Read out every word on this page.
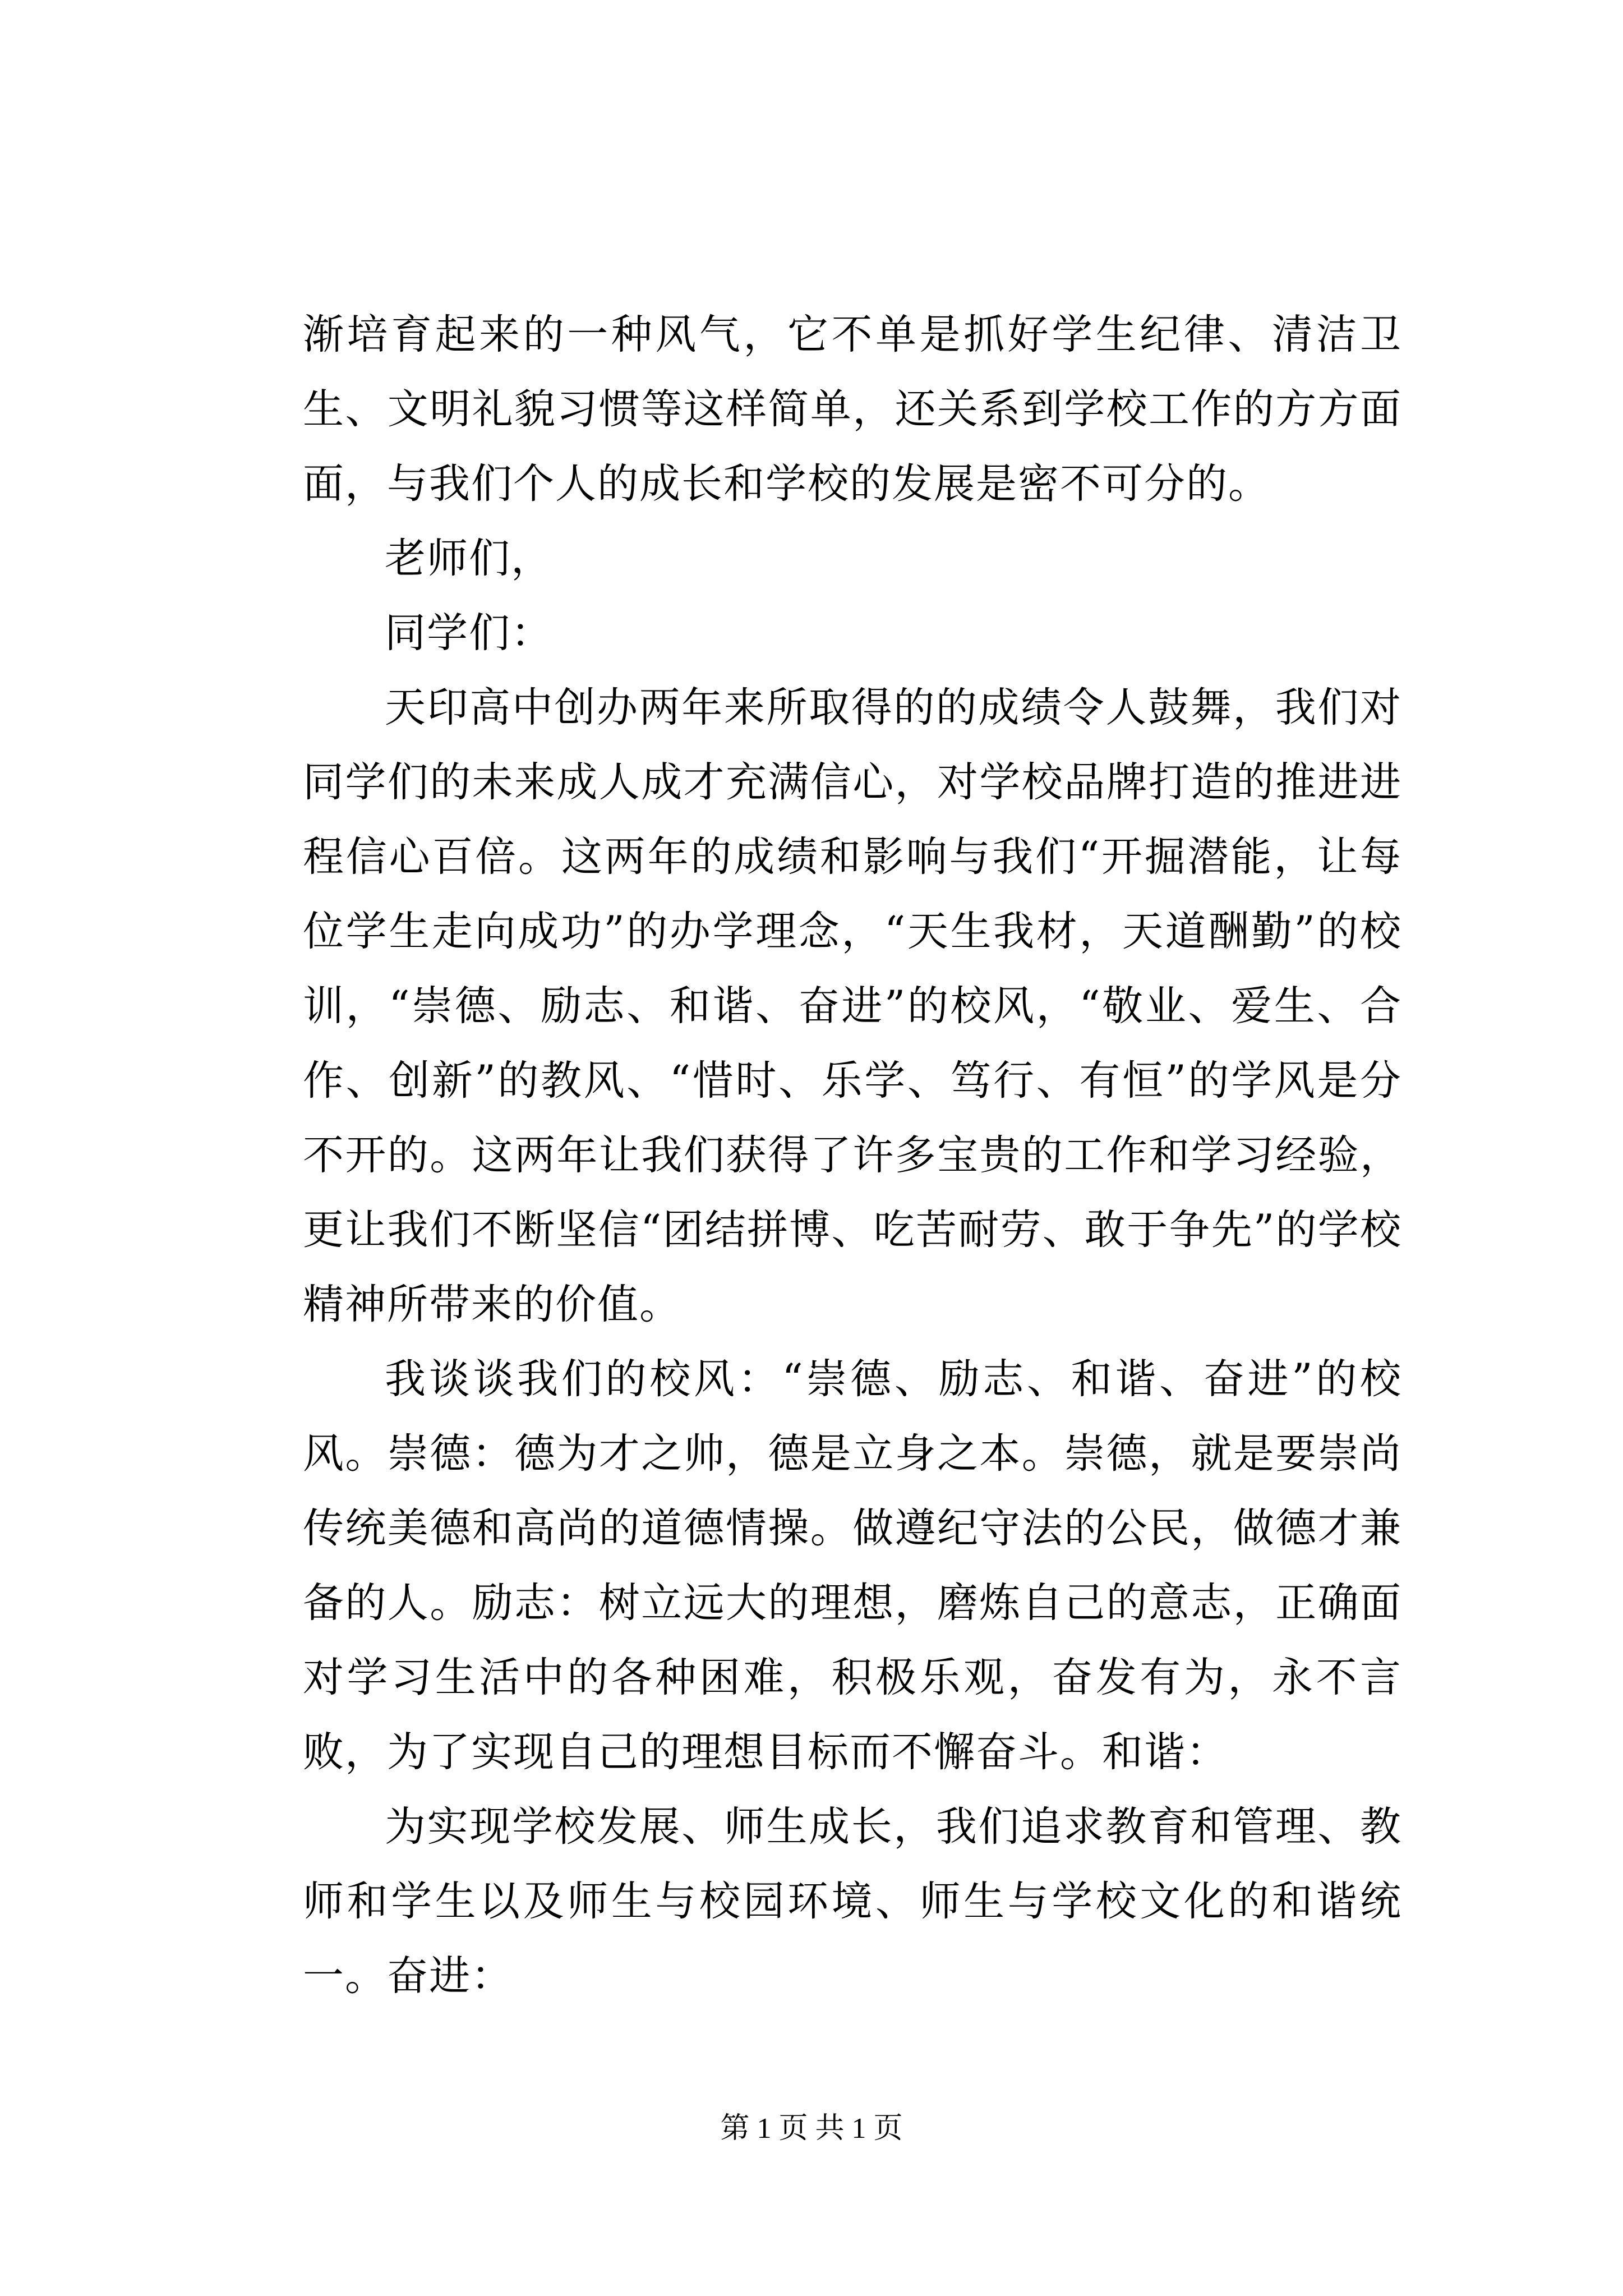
渐培育起来的一种风气，它不单是抓好学生纪律、清洁卫生、文明礼貌习惯等这样简单，还关系到学校工作的方方面面，与我们个人的成长和学校的发展是密不可分的。

老师们，

同学们：

天印高中创办两年来所取得的的成绩令人鼓舞，我们对同学们的未来成人成才充满信心，对学校品牌打造的推进进程信心百倍。这两年的成绩和影响与我们“开掘潜能，让每位学生走向成功”的办学理念，“天生我材，天道酬勤”的校训，“崇德、励志、和谐、奋进”的校风，“敬业、爱生、合作、创新”的教风、“惜时、乐学、笃行、有恒”的学风是分不开的。这两年让我们获得了许多宝贵的工作和学习经验，更让我们不断坚信“团结拼博、吃苦耐劳、敢于争先”的学校精神所带来的价值。

我谈谈我们的校风：“崇德、励志、和谐、奋进”的校风。崇德：德为才之帅，德是立身之本。崇德，就是要崇尚传统美德和高尚的道德情操。做遵纪守法的公民，做德才兼备的人。励志：树立远大的理想，磨炼自己的意志，正确面对学习生活中的各种困难，积极乐观，奋发有为，永不言败，为了实现自己的理想目标而不懈奋斗。和谐：

为实现学校发展、师生成长，我们追求教育和管理、教师和学生以及师生与校园环境、师生与学校文化的和谐统一。奋进：

第 1 页 共 1 页
